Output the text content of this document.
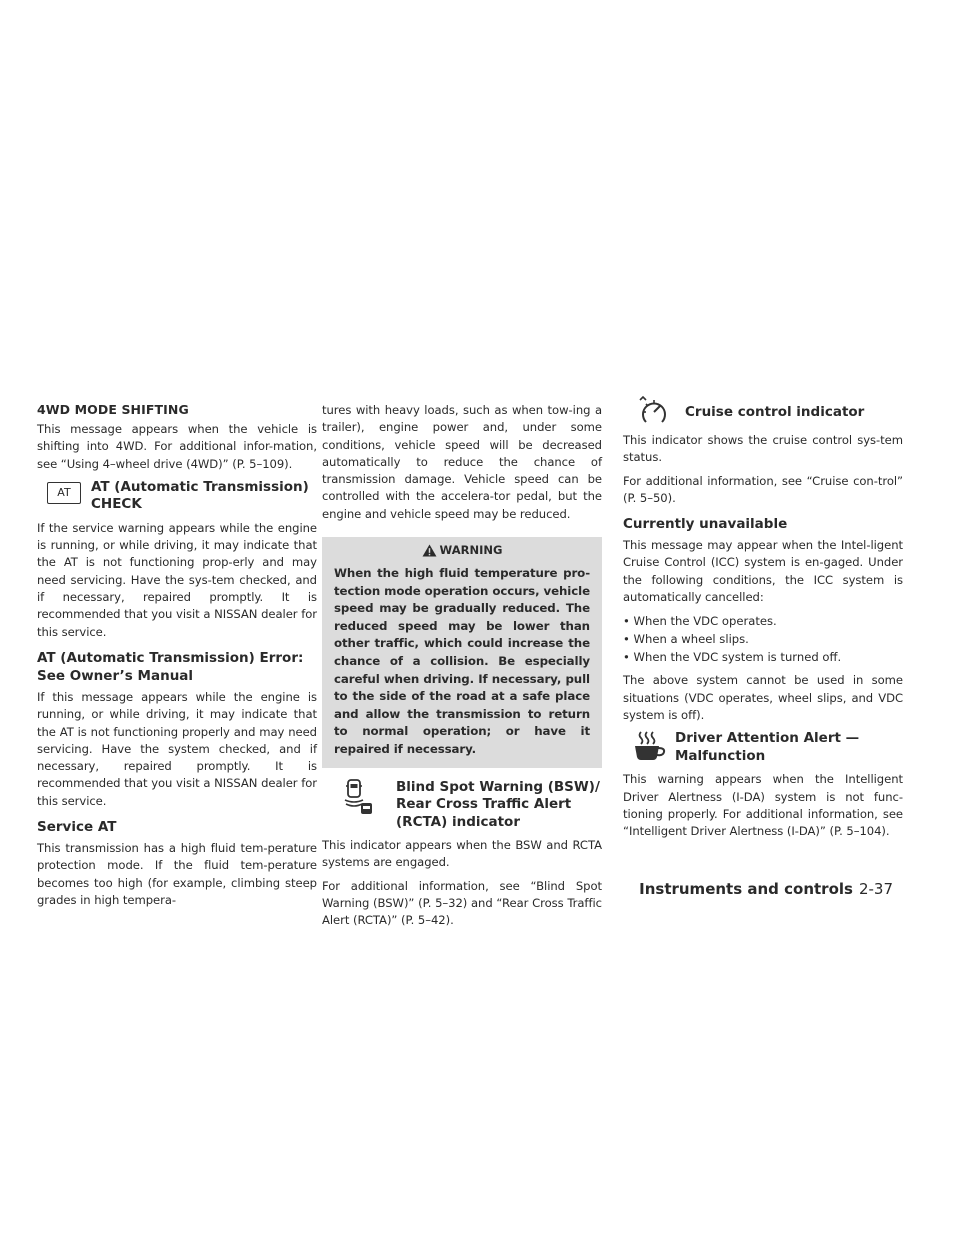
4WD MODE SHIFTING

This message appears when the vehicle is shifting into 4WD. For additional infor-mation, see “Using 4–wheel drive (4WD)” (P. 5–109).

AT	AT (Automatic Transmission) CHECK

If the service warning appears while the engine is running, or while driving, it may indicate that the AT is not functioning prop-erly and may need servicing. Have the sys-tem checked, and if necessary, repaired promptly. It is recommended that you visit a NISSAN dealer for this service.

AT (Automatic Transmission) Error: See Owner’s Manual

If this message appears while the engine is running, or while driving, it may indicate that the AT is not functioning properly and may need servicing. Have the system checked, and if necessary, repaired promptly. It is recommended that you visit a NISSAN dealer for this service.

Service AT

This transmission has a high fluid tem-perature protection mode. If the fluid tem-perature becomes too high (for example, climbing steep grades in high tempera-

tures with heavy loads, such as when tow-ing a trailer), engine power and, under some conditions, vehicle speed will be decreased automatically to reduce the chance of transmission damage. Vehicle speed can be controlled with the accelera-tor pedal, but the engine and vehicle speed may be reduced.

WARNING

When the high fluid temperature pro-tection mode operation occurs, vehicle speed may be gradually reduced. The reduced speed may be lower than other traffic, which could increase the chance of a collision. Be especially careful when driving. If necessary, pull to the side of the road at a safe place and allow the transmission to return to normal operation; or have it repaired if necessary.

Blind Spot Warning (BSW)/ Rear Cross Traffic Alert (RCTA) indicator

This indicator appears when the BSW and RCTA systems are engaged.

For additional information, see “Blind Spot Warning (BSW)” (P. 5–32) and “Rear Cross Traffic Alert (RCTA)” (P. 5–42).

Cruise control indicator

This indicator shows the cruise control sys-tem status.

For additional information, see “Cruise con-trol” (P. 5–50).

Currently unavailable

This message may appear when the Intel-ligent Cruise Control (ICC) system is en-gaged. Under the following conditions, the ICC system is automatically cancelled:

• When the VDC operates.
• When a wheel slips.
• When the VDC system is turned off.

The above system cannot be used in some situations (VDC operates, wheel slips, and VDC system is off).

Driver Attention Alert — Malfunction

This warning appears when the Intelligent Driver Alertness (I-DA) system is not func-tioning properly. For additional information, see “Intelligent Driver Alertness (I-DA)” (P. 5–104).

Instruments and controls 2-37
